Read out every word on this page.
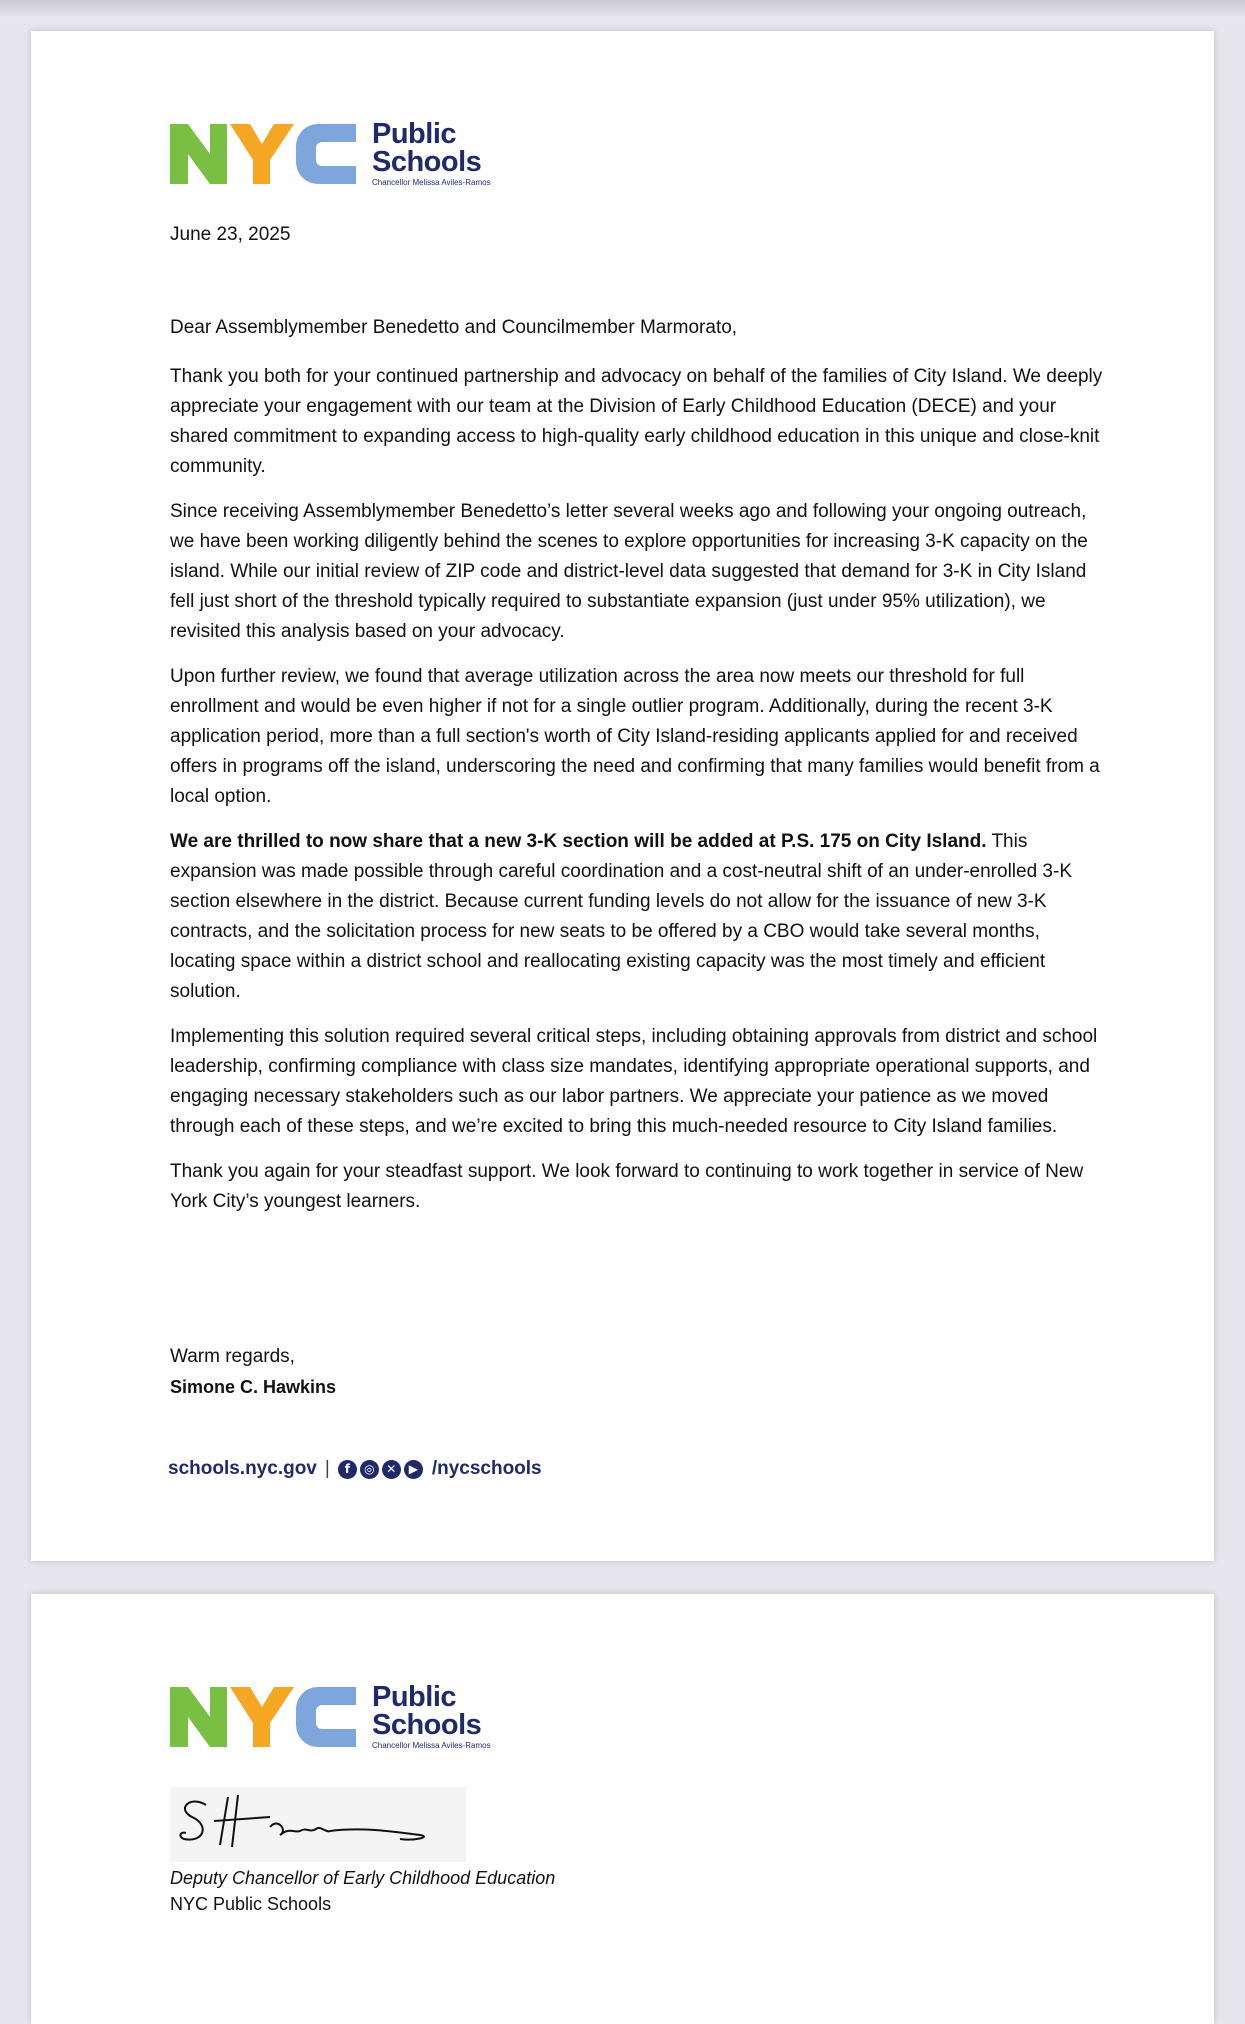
Public
Schools
Chancellor Melissa Aviles-Ramos
June 23, 2025
Dear Assemblymember Benedetto and Councilmember Marmorato,

Thank you both for your continued partnership and advocacy on behalf of the families of City Island. We deeply appreciate your engagement with our team at the Division of Early Childhood Education (DECE) and your shared commitment to expanding access to high-quality early childhood education in this unique and close-knit community.

Since receiving Assemblymember Benedetto’s letter several weeks ago and following your ongoing outreach, we have been working diligently behind the scenes to explore opportunities for increasing 3-K capacity on the island. While our initial review of ZIP code and district-level data suggested that demand for 3-K in City Island fell just short of the threshold typically required to substantiate expansion (just under 95% utilization), we revisited this analysis based on your advocacy.

Upon further review, we found that average utilization across the area now meets our threshold for full enrollment and would be even higher if not for a single outlier program. Additionally, during the recent 3-K application period, more than a full section's worth of City Island-residing applicants applied for and received offers in programs off the island, underscoring the need and confirming that many families would benefit from a local option.

We are thrilled to now share that a new 3-K section will be added at P.S. 175 on City Island. This expansion was made possible through careful coordination and a cost-neutral shift of an under-enrolled 3-K section elsewhere in the district. Because current funding levels do not allow for the issuance of new 3-K contracts, and the solicitation process for new seats to be offered by a CBO would take several months, locating space within a district school and reallocating existing capacity was the most timely and efficient solution.

Implementing this solution required several critical steps, including obtaining approvals from district and school leadership, confirming compliance with class size mandates, identifying appropriate operational supports, and engaging necessary stakeholders such as our labor partners. We appreciate your patience as we moved through each of these steps, and we’re excited to bring this much-needed resource to City Island families.

Thank you again for your steadfast support. We look forward to continuing to work together in service of New York City’s youngest learners.

Warm regards,
Simone C. Hawkins
schools.nyc.gov |	f	◎ ✕	▶ /nycschools
Public
Schools
Chancellor Melissa Aviles-Ramos
Deputy Chancellor of Early Childhood Education
NYC Public Schools
